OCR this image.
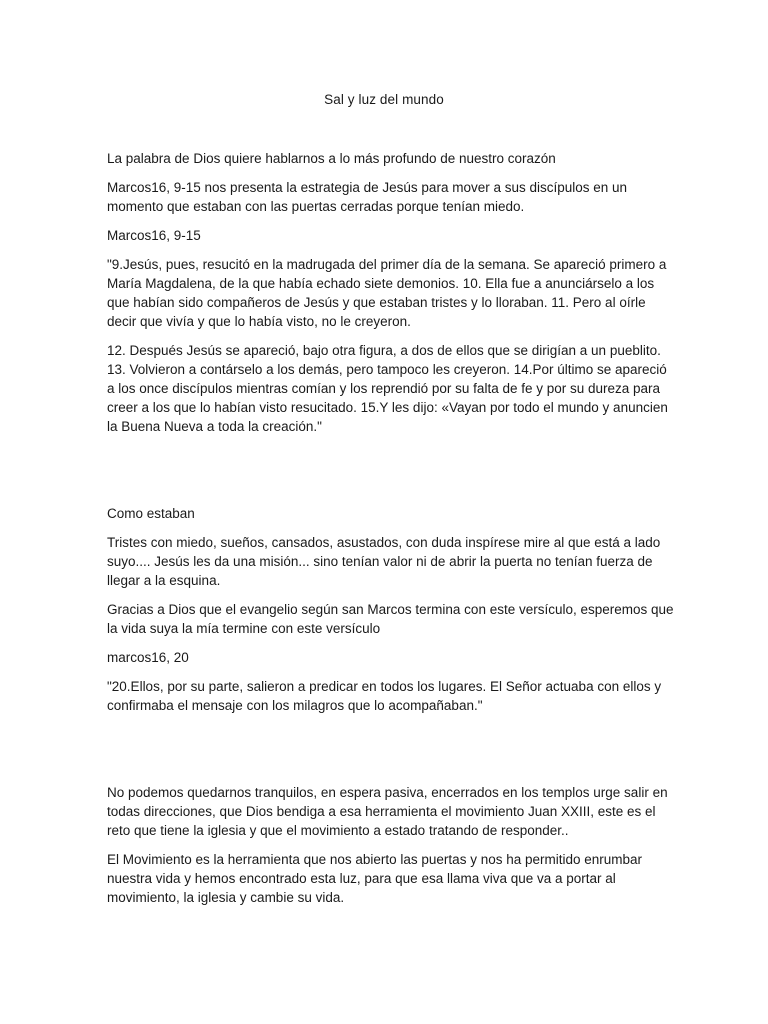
Sal y luz del mundo

La palabra de Dios quiere hablarnos a lo más profundo de nuestro corazón

Marcos16, 9-15 nos presenta la estrategia de Jesús para mover a sus discípulos en un momento que estaban con las puertas cerradas porque tenían miedo.

Marcos16, 9-15

"9.Jesús, pues, resucitó en la madrugada del primer día de la semana. Se apareció primero a María Magdalena, de la que había echado siete demonios. 10. Ella fue a anunciárselo a los que habían sido compañeros de Jesús y que estaban tristes y lo lloraban. 11. Pero al oírle decir que vivía y que lo había visto, no le creyeron.

12. Después Jesús se apareció, bajo otra figura, a dos de ellos que se dirigían a un pueblito. 13. Volvieron a contárselo a los demás, pero tampoco les creyeron. 14.Por último se apareció a los once discípulos mientras comían y los reprendió por su falta de fe y por su dureza para creer a los que lo habían visto resucitado. 15.Y les dijo: «Vayan por todo el mundo y anuncien la Buena Nueva a toda la creación."

Como estaban

Tristes con miedo, sueños, cansados, asustados, con duda inspírese mire al que está a lado suyo.... Jesús les da una misión... sino tenían valor ni de abrir la puerta no tenían fuerza de llegar a la esquina.

Gracias a Dios que el evangelio según san Marcos termina con este versículo, esperemos que la vida suya la mía termine con este versículo

marcos16, 20

"20.Ellos, por su parte, salieron a predicar en todos los lugares. El Señor actuaba con ellos y confirmaba el mensaje con los milagros que lo acompañaban."

No podemos quedarnos tranquilos, en espera pasiva, encerrados en los templos urge salir en todas direcciones, que Dios bendiga a esa herramienta el movimiento Juan XXIII, este es el reto que tiene la iglesia y que el movimiento a estado tratando de responder..

El Movimiento es la herramienta que nos abierto las puertas y nos ha permitido enrumbar nuestra vida y hemos encontrado esta luz, para que esa llama viva que va a portar al movimiento, la iglesia y cambie su vida.
